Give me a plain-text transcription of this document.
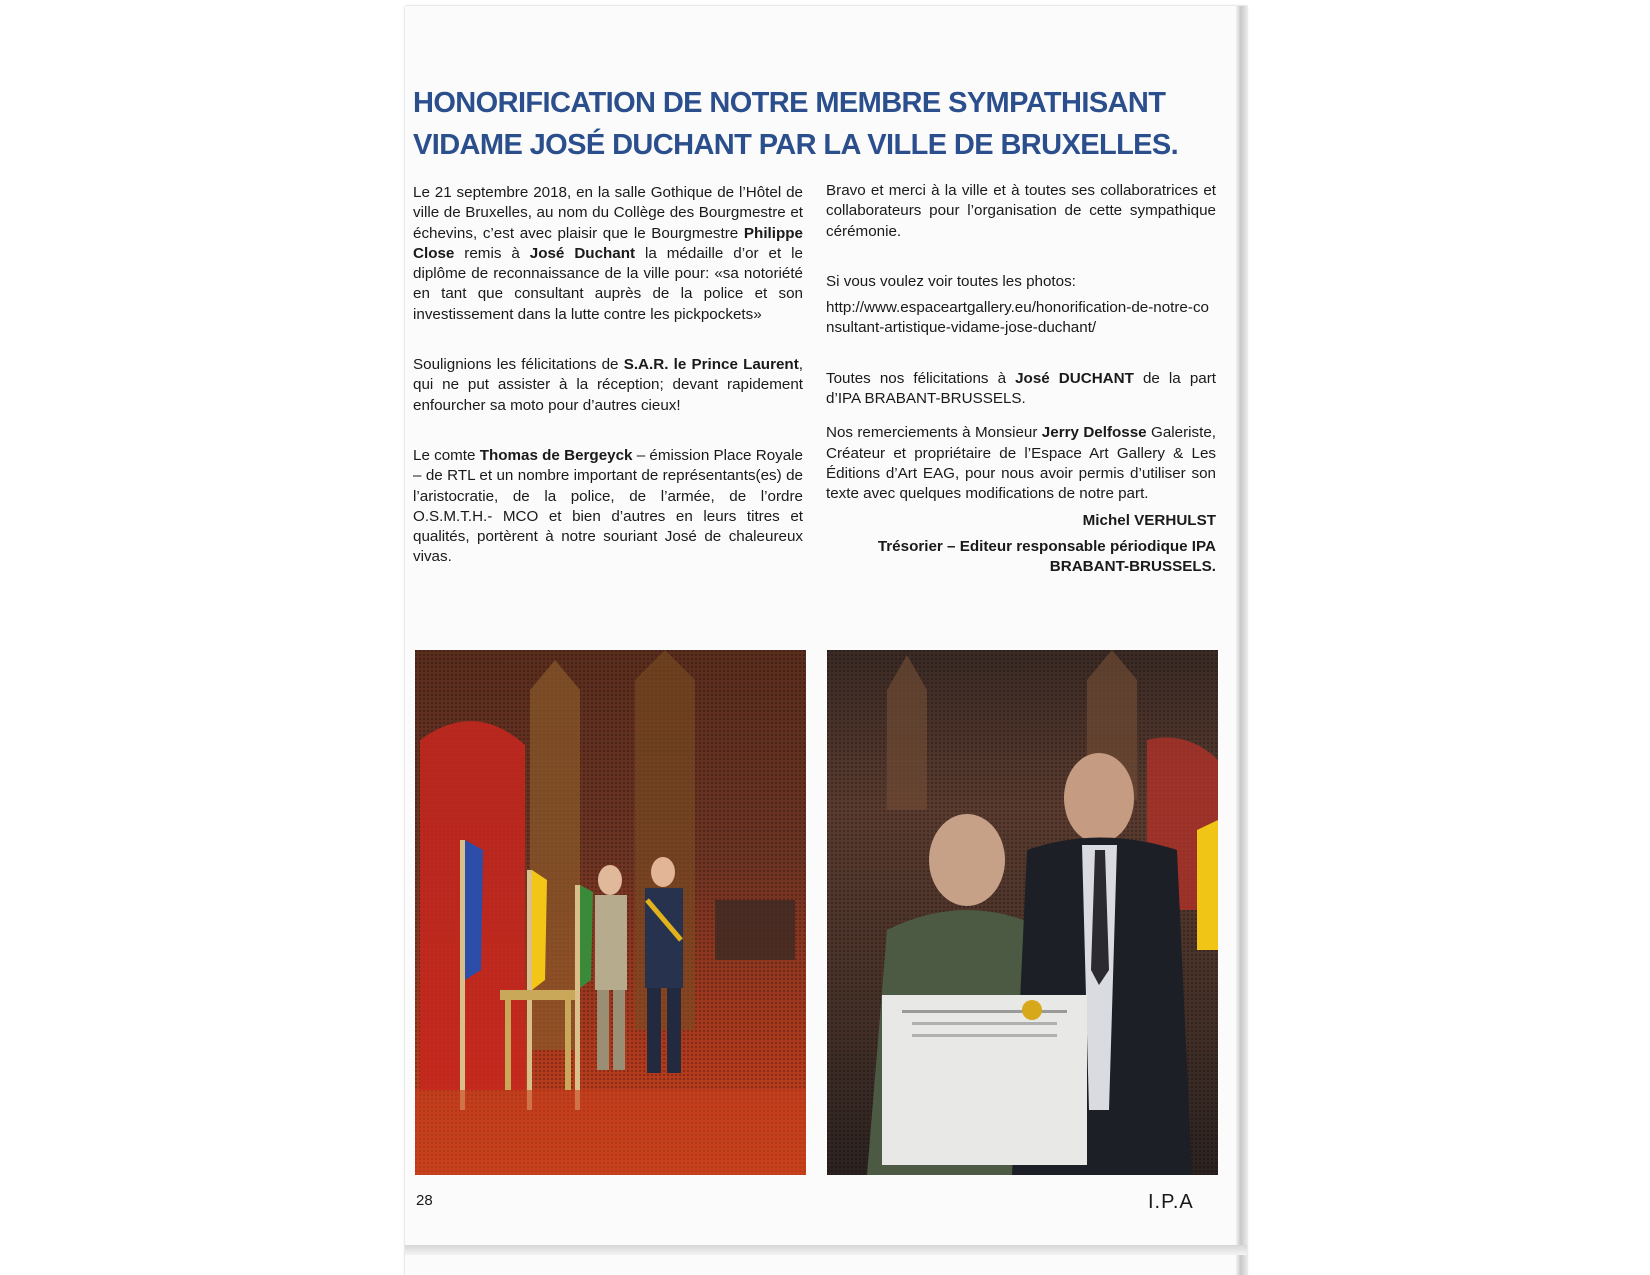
HONORIFICATION DE NOTRE MEMBRE SYMPATHISANT
VIDAME JOSÉ DUCHANT PAR LA VILLE DE BRUXELLES.

Le 21 septembre 2018, en la salle Gothique de l’Hôtel de ville de Bruxelles, au nom du Collège des Bourgmestre et échevins, c’est avec plaisir que le Bourgmestre Philippe Close remis à José Duchant la médaille d’or et le diplôme de reconnaissance de la ville pour: «sa notoriété en tant que consultant auprès de la police et son investissement dans la lutte contre les pickpockets»

Soulignions les félicitations de S.A.R. le Prince Laurent, qui ne put assister à la réception; devant rapidement enfourcher sa moto pour d’autres cieux!

Le comte Thomas de Bergeyck – émission Place Royale – de RTL et un nombre important de représentants(es) de l’aristocratie, de la police, de l’armée, de l’ordre O.S.M.T.H.- MCO et bien d’autres en leurs titres et qualités, portèrent à notre souriant José de chaleureux vivas.

Bravo et merci à la ville et à toutes ses collaboratrices et collaborateurs pour l’organisation de cette sympathique cérémonie.

Si vous voulez voir toutes les photos:

http://www.espaceartgallery.eu/honorification-de-notre-consultant-artistique-vidame-jose-duchant/

Toutes nos félicitations à José DUCHANT de la part d’IPA BRABANT-BRUSSELS.

Nos remerciements à Monsieur Jerry Delfosse Galeriste, Créateur et propriétaire de l’Espace Art Gallery & Les Éditions d’Art EAG, pour nous avoir permis d’utiliser son texte avec quelques modifications de notre part.

Michel VERHULST

Trésorier – Editeur responsable périodique IPA BRABANT-BRUSSELS.

28	I.P.A
